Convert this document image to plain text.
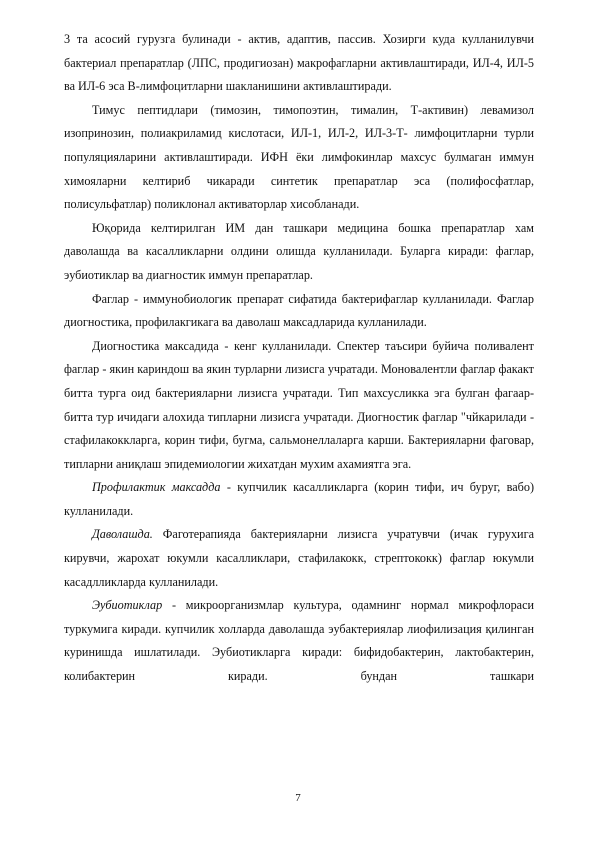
3 та асосий гурузга булинади - актив, адаптив, пассив. Хозирги куда кулланилувчи бактериал препаратлар (ЛПС, продигиозан) макрофагларни активлаштиради, ИЛ-4, ИЛ-5 ва ИЛ-6 эса В-лимфоцитларни шакланишини активлаштиради.

Тимус пептидлари (тимозин, тимопоэтин, тималин, Т-активин) левамизол изопринозин, полиакриламид кислотаси, ИЛ-1, ИЛ-2, ИЛ-3-Т- лимфоцитларни турли популяцияларини активлаштиради. ИФН ёки лимфокинлар махсус булмаган иммун химояларни келтириб чикаради синтетик препаратлар эса (полифосфатлар, полисульфатлар) поликлонал активаторлар хисобланади.

Юқорида келтирилган ИМ дан ташкари медицина бошка препаратлар хам даволашда ва касалликларни олдини олишда кулланилади. Буларга киради: фаглар, эубиотиклар ва диагностик иммун препаратлар.

Фаглар - иммунобиологик препарат сифатида бактерифаглар кулланилади. Фаглар диогностика, профилакгикага ва даволаш максадларида кулланилади.

Диогностика максадида - кенг кулланилади. Спектер таъсири буйича поливалент фаглар - якин кариндош ва якин турларни лизисга учратади. Моновалентли фаглар факакт битта турга оид бактерияларни лизисга учратади. Тип махсусликка эга булган фагаар-битта тур ичидаги алохида типларни лизисга учратади. Диогностик фаглар "чйкарилади - стафилакоккларга, корин тифи, бугма, сальмонеллаларга карши. Бактерияларни фаговар, типларни аниқлаш эпидемиологии жихатдан мухим ахамиятга эга.

Профилактик максадда - купчилик касалликларга (корин тифи, ич буруг, вабо) кулланилади.

Даволашда. Фаготерапияда бактерияларни лизисга учратувчи (ичак гурухига кирувчи, жарохат юкумли касалликлари, стафилакокк, стрептококк) фаглар юкумли касадлликларда кулланилади.

Эубиотиклар - микроорганизмлар культура, одамнинг нормал микрофлораси туркумига киради. купчилик холларда даволашда эубактериялар лиофилизация қилинган куринишда ишлатилади. Эубиотикларга киради: бифидобактерин, лактобактерин, колибактерин киради. бундан ташкари

7
